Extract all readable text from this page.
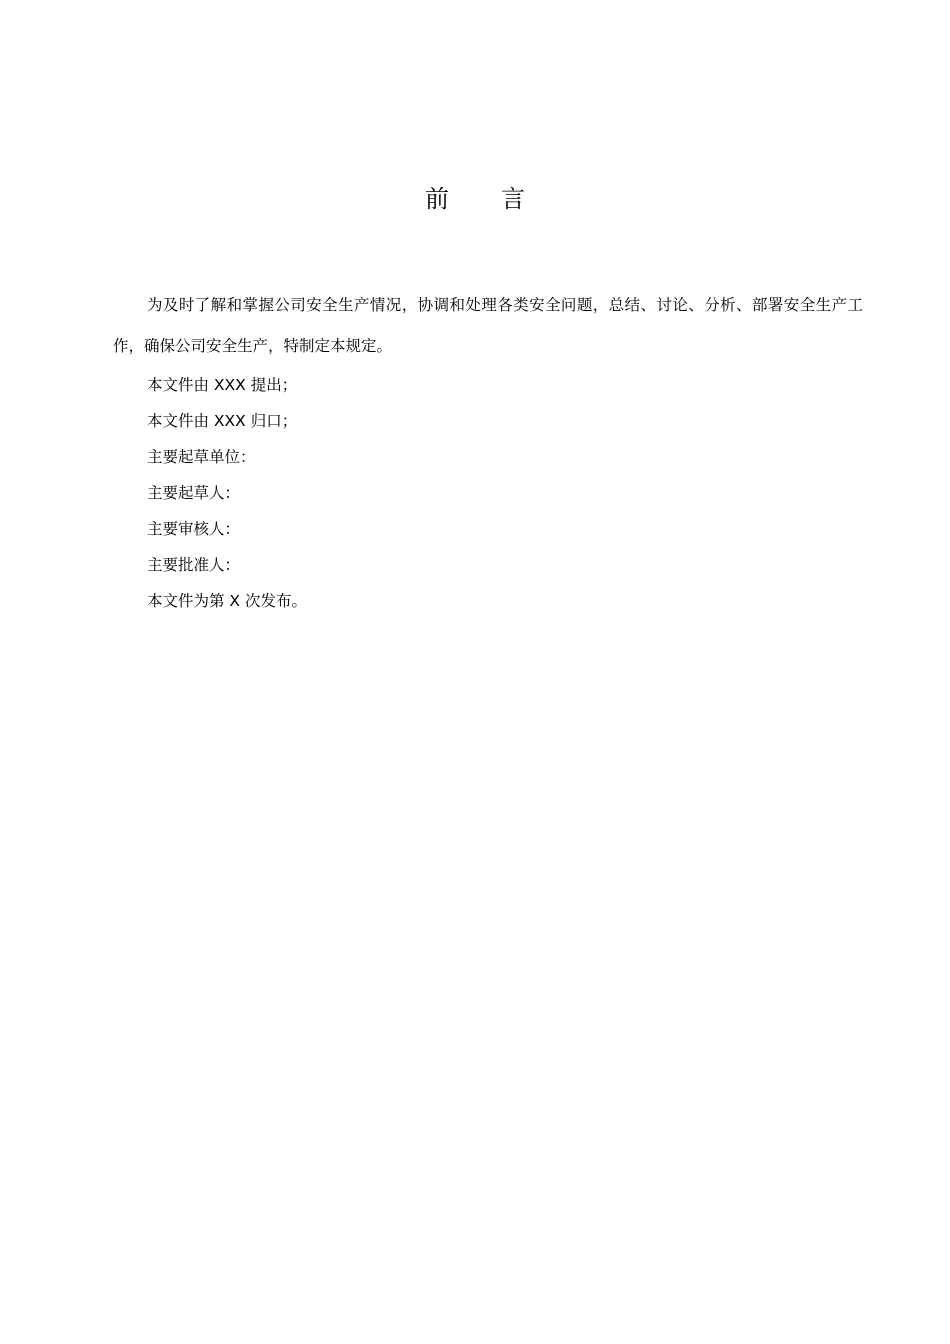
前言

为及时了解和掌握公司安全生产情况，协调和处理各类安全问题，总结、讨论、分析、部署安全生产工作，确保公司安全生产，特制定本规定。

本文件由 XXX 提出；

本文件由 XXX 归口；

主要起草单位：

主要起草人：

主要审核人：

主要批准人：

本文件为第 X 次发布。
